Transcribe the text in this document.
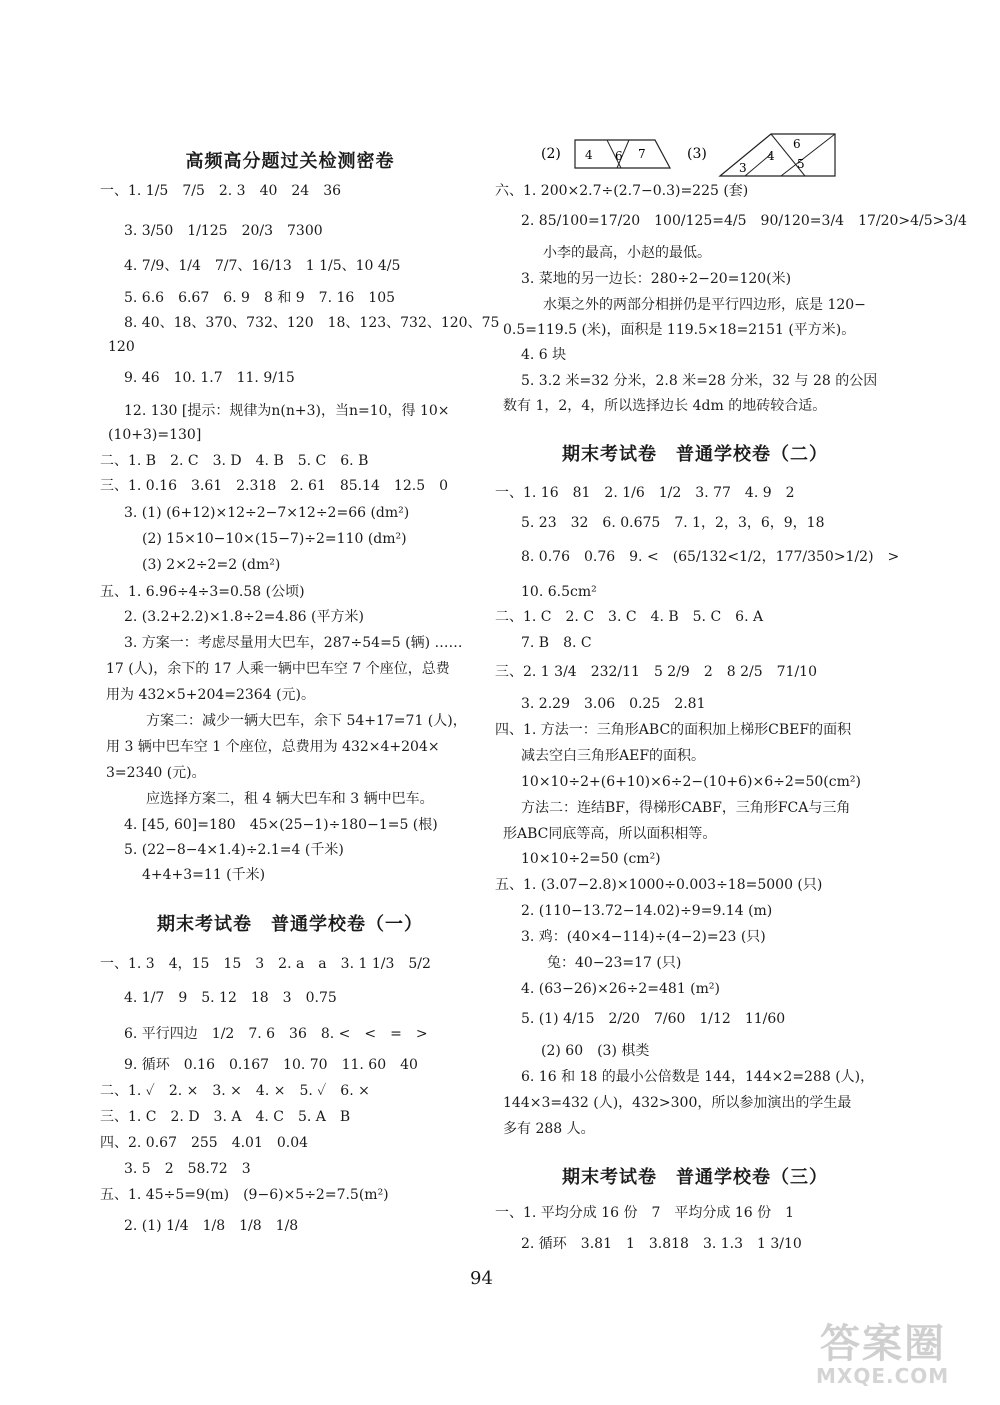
高频高分题过关检测密卷
一、1. 1/5　7/5　2. 3　40　24　36
3. 3/50　1/125　20/3　7300
4. 7/9、1/4　7/7、16/13　1 1/5、10 4/5
5. 6.6　6.67　6. 9　8 和 9　7. 16　105
8. 40、18、370、732、120　18、123、732、120、75
120
9. 46　10. 1.7　11. 9/15
12. 130 [提示：规律为n(n+3)，当n=10，得 10×
(10+3)=130]
二、1. B　2. C　3. D　4. B　5. C　6. B
三、1. 0.16　3.61　2.318　2. 61　85.14　12.5　0
3. (1) (6+12)×12÷2−7×12÷2=66 (dm²)
(2) 15×10−10×(15−7)÷2=110 (dm²)
(3) 2×2÷2=2 (dm²)
五、1. 6.96÷4÷3=0.58 (公顷)
2. (3.2+2.2)×1.8÷2=4.86 (平方米)
3. 方案一：考虑尽量用大巴车，287÷54=5 (辆) ……
17 (人)，余下的 17 人乘一辆中巴车空 7 个座位，总费
用为 432×5+204=2364 (元)。
方案二：减少一辆大巴车，余下 54+17=71 (人)，
用 3 辆中巴车空 1 个座位，总费用为 432×4+204×
3=2340 (元)。
应选择方案二，租 4 辆大巴车和 3 辆中巴车。
4. [45, 60]=180　45×(25−1)÷180−1=5 (根)
5. (22−8−4×1.4)÷2.1=4 (千米)
4+4+3=11 (千米)
期末考试卷　普通学校卷（一）
一、1. 3　4，15　15　3　2. a　a　3. 1 1/3　5/2
4. 1/7　9　5. 12　18　3　0.75
6. 平行四边　1/2　7. 6　36　8. <　<　=　>
9. 循环　0.16　0.167　10. 70　11. 60　40
二、1. ✓　2. ×　3. ×　4. ×　5. ✓　6. ×
三、1. C　2. D　3. A　4. C　5. A　B
四、2. 0.67　255　4.01　0.04
3. 5　2　58.72　3
五、1. 45÷5=9(m)　(9−6)×5÷2=7.5(m²)
2. (1) 1/4　1/8　1/8　1/8
(2) 4 6 7	(3)
6
4
3	5
六、1. 200×2.7÷(2.7−0.3)=225 (套)
2. 85/100=17/20　100/125=4/5　90/120=3/4　17/20>4/5>3/4
小李的最高，小赵的最低。
3. 菜地的另一边长：280÷2−20=120(米)
水渠之外的两部分相拼仍是平行四边形，底是 120−
0.5=119.5 (米)，面积是 119.5×18=2151 (平方米)。
4. 6 块
5. 3.2 米=32 分米，2.8 米=28 分米，32 与 28 的公因
数有 1，2，4，所以选择边长 4dm 的地砖较合适。
期末考试卷　普通学校卷（二）
一、1. 16　81　2. 1/6　1/2　3. 77　4. 9　2
5. 23　32　6. 0.675　7. 1，2，3，6，9，18
8. 0.76　0.76　9. <　(65/132<1/2，177/350>1/2)　>
10. 6.5cm²
二、1. C　2. C　3. C　4. B　5. C　6. A
7. B　8. C
三、2. 1 3/4　232/11　5 2/9　2　8 2/5　71/10
3. 2.29　3.06　0.25　2.81
四、1. 方法一：三角形ABC的面积加上梯形CBEF的面积
减去空白三角形AEF的面积。
10×10÷2+(6+10)×6÷2−(10+6)×6÷2=50(cm²)
方法二：连结BF，得梯形CABF，三角形FCA与三角
形ABC同底等高，所以面积相等。
10×10÷2=50 (cm²)
五、1. (3.07−2.8)×1000÷0.003÷18=5000 (只)
2. (110−13.72−14.02)÷9=9.14 (m)
3. 鸡：(40×4−114)÷(4−2)=23 (只)
兔：40−23=17 (只)
4. (63−26)×26÷2=481 (m²)
5. (1) 4/15　2/20　7/60　1/12　11/60
(2) 60　(3) 棋类
6. 16 和 18 的最小公倍数是 144，144×2=288 (人)，
144×3=432 (人)，432>300，所以参加演出的学生最
多有 288 人。
期末考试卷　普通学校卷（三）
一、1. 平均分成 16 份　7　平均分成 16 份　1
2. 循环　3.81　1　3.818　3. 1.3　1 3/10
94
答案圈
MXQE.COM
